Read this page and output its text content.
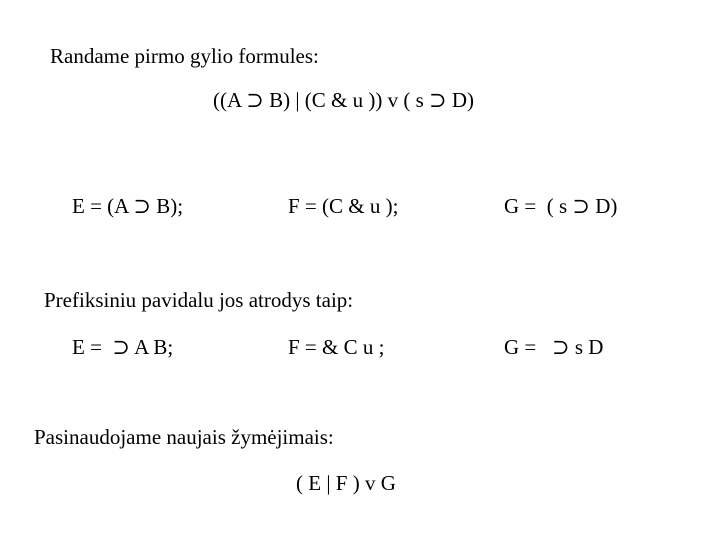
Randame pirmo gylio formules:
((A ⊃ B) | (C & u )) v ( s ⊃ D)
E = (A ⊃ B);	F = (C & u );	G =  ( s ⊃ D)
Prefiksiniu pavidalu jos atrodys taip:
E =  ⊃ A B;	F = & C u ;	G =   ⊃ s D
Pasinaudojame naujais žymėjimais:
( E | F ) v G
